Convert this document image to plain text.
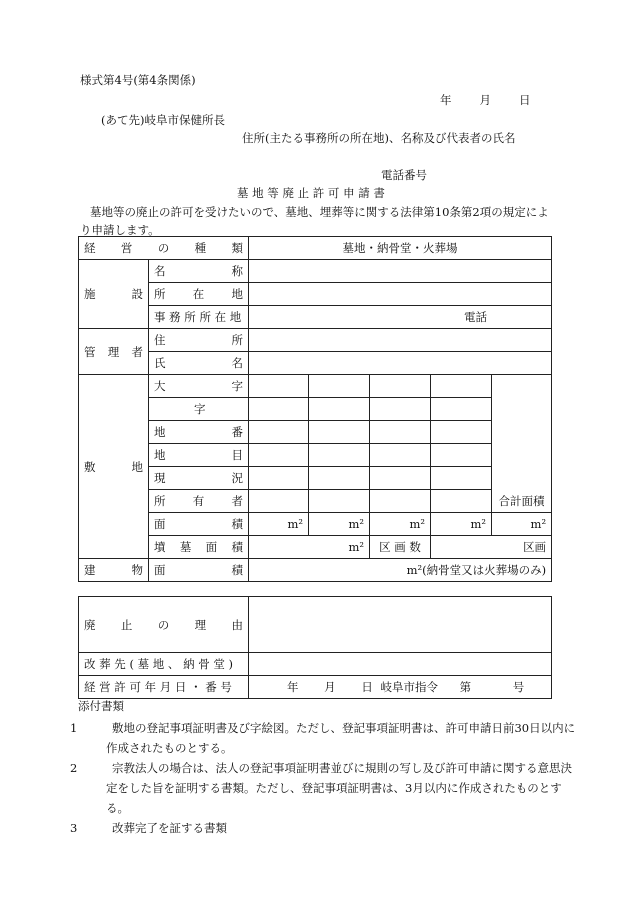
様式第4号(第4条関係)
年 月 日
(あて先)岐阜市保健所長
住所(主たる事務所の所在地)、名称及び代表者の氏名
電話番号
墓 地 等 廃 止 許 可 申 請 書
墓地等の廃止の許可を受けたいので、墓地、埋葬等に関する法律第10条第2項の規定により申請します。
経 営 の 種 類		墓地・納骨堂・火葬場				

施 設	名 称					

	所 在 地					

	事 務 所 所 在 地	電話				

管 理 者	住 所					

	氏 名					

敷 地	大 字					

	字					

	地 番					

	地 目					

	現 況					

	所 有 者					合計面積

	面 積	m²	m²	m²	m²	m²

	墳 墓 面 積	m²		区 画 数	区画	

建 物	面 積	m²(納骨堂又は火葬場のみ)				
廃 止 の 理 由	

改 葬 先 ( 墓 地 、 納 骨 堂 )	
経 営 許 可 年 月 日 ・ 番 号	年 月 日 岐阜市指令 第 号
添付書類
1	敷地の登記事項証明書及び字絵図。ただし、登記事項証明書は、許可申請日前30日以内に作成されたものとする。
2	宗教法人の場合は、法人の登記事項証明書並びに規則の写し及び許可申請に関する意思決定をした旨を証明する書類。ただし、登記事項証明書は、3月以内に作成されたものとする。
3	改葬完了を証する書類
